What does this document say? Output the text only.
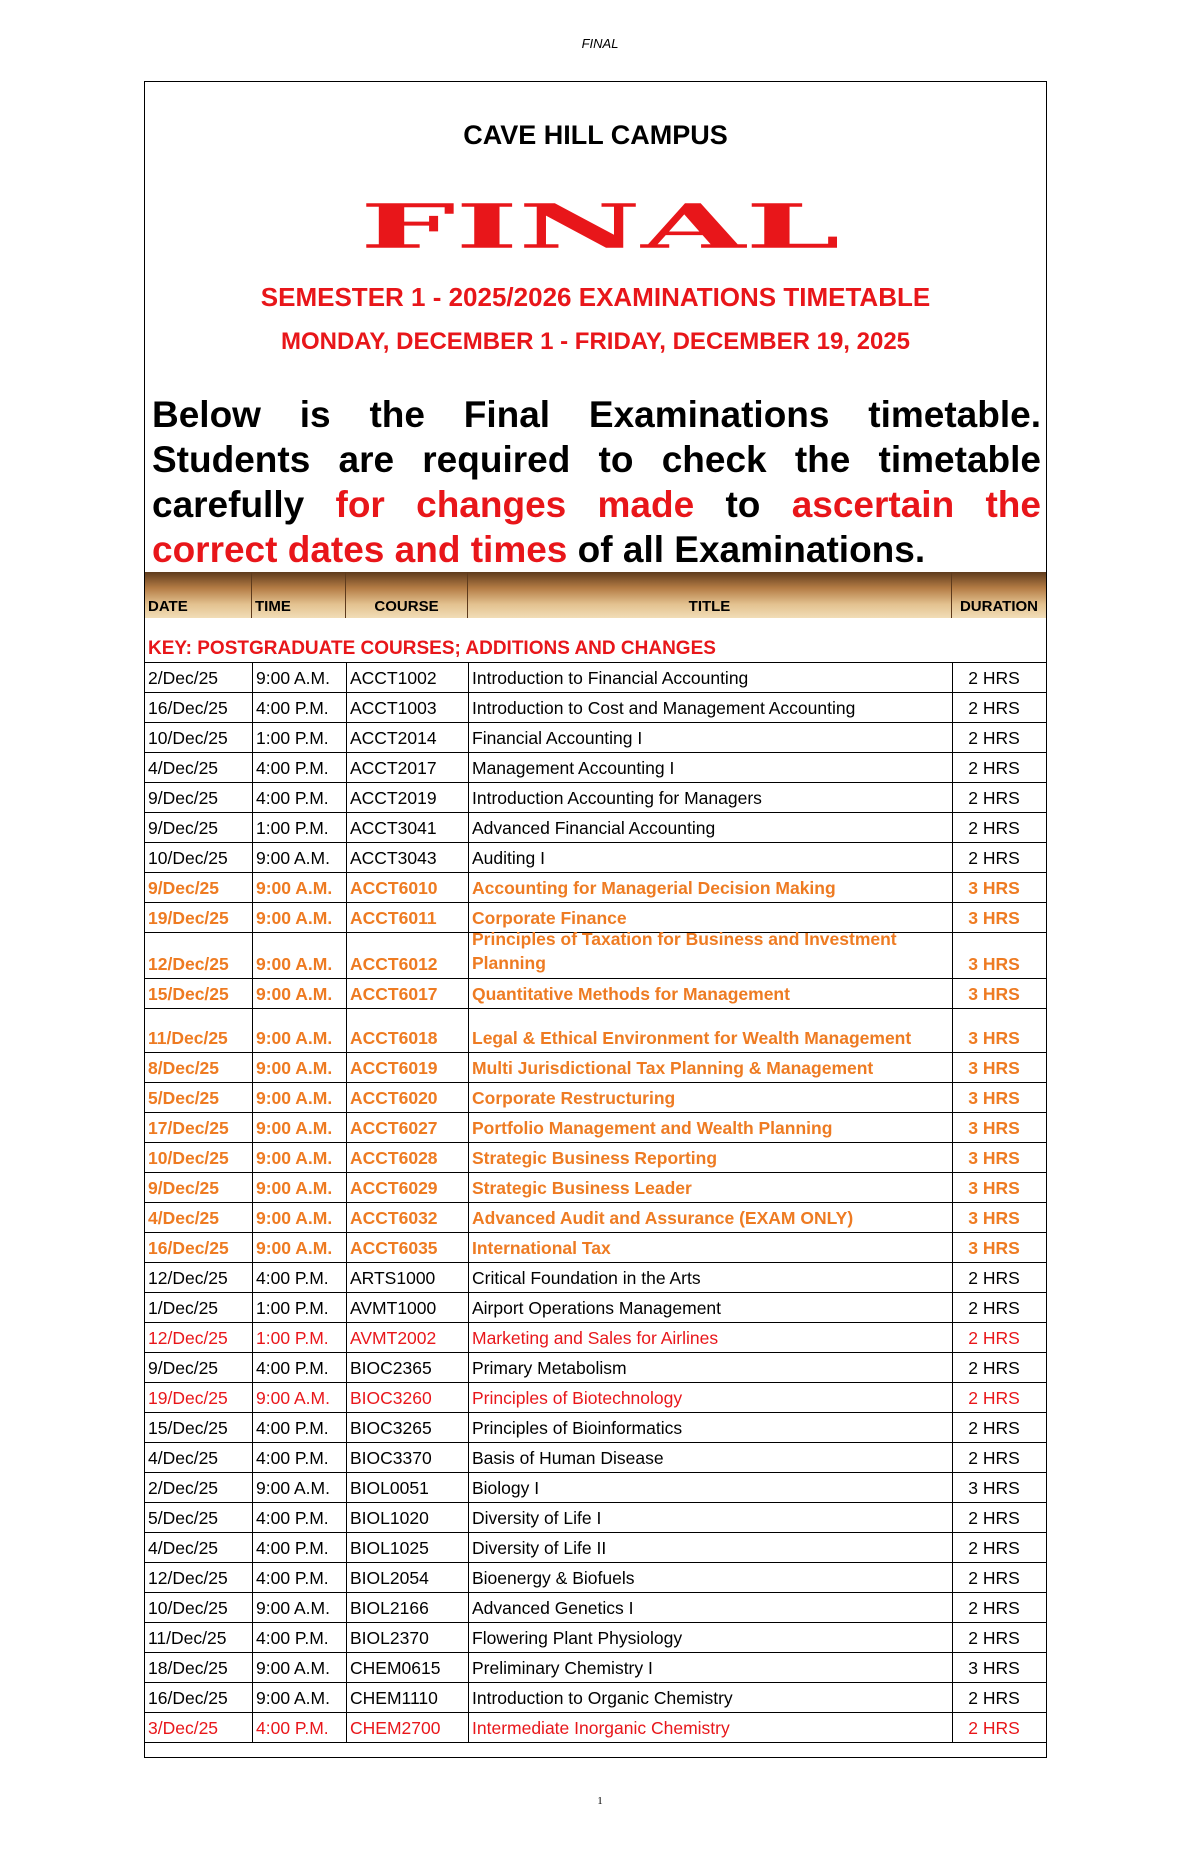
FINAL
CAVE HILL CAMPUS
FINAL
SEMESTER 1 - 2025/2026 EXAMINATIONS TIMETABLE
MONDAY, DECEMBER 1 - FRIDAY, DECEMBER 19, 2025
Below is the Final Examinations timetable. Students are required to check the timetable carefully for changes made to ascertain the correct dates and times of all Examinations.
DATE	TIME	COURSE	TITLE	DURATION
KEY: POSTGRADUATE COURSES; ADDITIONS AND CHANGES
2/Dec/25 9:00 A.M. ACCT1002 Introduction to Financial Accounting	2 HRS
16/Dec/25 4:00 P.M. ACCT1003 Introduction to Cost and Management Accounting	2 HRS
10/Dec/25 1:00 P.M. ACCT2014 Financial Accounting I	2 HRS
4/Dec/25 4:00 P.M. ACCT2017 Management Accounting I	2 HRS
9/Dec/25 4:00 P.M. ACCT2019 Introduction Accounting for Managers	2 HRS
9/Dec/25 1:00 P.M. ACCT3041 Advanced Financial Accounting	2 HRS
10/Dec/25 9:00 A.M. ACCT3043 Auditing I	2 HRS
9/Dec/25 9:00 A.M. ACCT6010 Accounting for Managerial Decision Making	3 HRS
19/Dec/25 9:00 A.M. ACCT6011 Corporate Finance	3 HRS
12/Dec/25 9:00 A.M. ACCT6012
Principles of Taxation for Business and Investment Planning	3 HRS
15/Dec/25 9:00 A.M. ACCT6017 Quantitative Methods for Management	3 HRS
11/Dec/25 9:00 A.M. ACCT6018 Legal & Ethical Environment for Wealth Management	3 HRS
8/Dec/25 9:00 A.M. ACCT6019 Multi Jurisdictional Tax Planning & Management	3 HRS
5/Dec/25 9:00 A.M. ACCT6020 Corporate Restructuring	3 HRS
17/Dec/25 9:00 A.M. ACCT6027 Portfolio Management and Wealth Planning	3 HRS
10/Dec/25 9:00 A.M. ACCT6028 Strategic Business Reporting	3 HRS
9/Dec/25 9:00 A.M. ACCT6029 Strategic Business Leader	3 HRS
4/Dec/25 9:00 A.M. ACCT6032 Advanced Audit and Assurance (EXAM ONLY)	3 HRS
16/Dec/25 9:00 A.M. ACCT6035 International Tax	3 HRS
12/Dec/25 4:00 P.M. ARTS1000 Critical Foundation in the Arts	2 HRS
1/Dec/25 1:00 P.M. AVMT1000 Airport Operations Management	2 HRS
12/Dec/25 1:00 P.M. AVMT2002 Marketing and Sales for Airlines	2 HRS
9/Dec/25 4:00 P.M. BIOC2365 Primary Metabolism	2 HRS
19/Dec/25 9:00 A.M. BIOC3260 Principles of Biotechnology	2 HRS
15/Dec/25 4:00 P.M. BIOC3265 Principles of Bioinformatics	2 HRS
4/Dec/25 4:00 P.M. BIOC3370 Basis of Human Disease	2 HRS
2/Dec/25 9:00 A.M. BIOL0051 Biology I	3 HRS
5/Dec/25 4:00 P.M. BIOL1020 Diversity of Life I	2 HRS
4/Dec/25 4:00 P.M. BIOL1025 Diversity of Life II	2 HRS
12/Dec/25 4:00 P.M. BIOL2054 Bioenergy & Biofuels	2 HRS
10/Dec/25 9:00 A.M. BIOL2166 Advanced Genetics I	2 HRS
11/Dec/25 4:00 P.M. BIOL2370 Flowering Plant Physiology	2 HRS
18/Dec/25 9:00 A.M. CHEM0615 Preliminary Chemistry I	3 HRS
16/Dec/25 9:00 A.M. CHEM1110 Introduction to Organic Chemistry	2 HRS
3/Dec/25 4:00 P.M. CHEM2700 Intermediate Inorganic Chemistry	2 HRS
1
